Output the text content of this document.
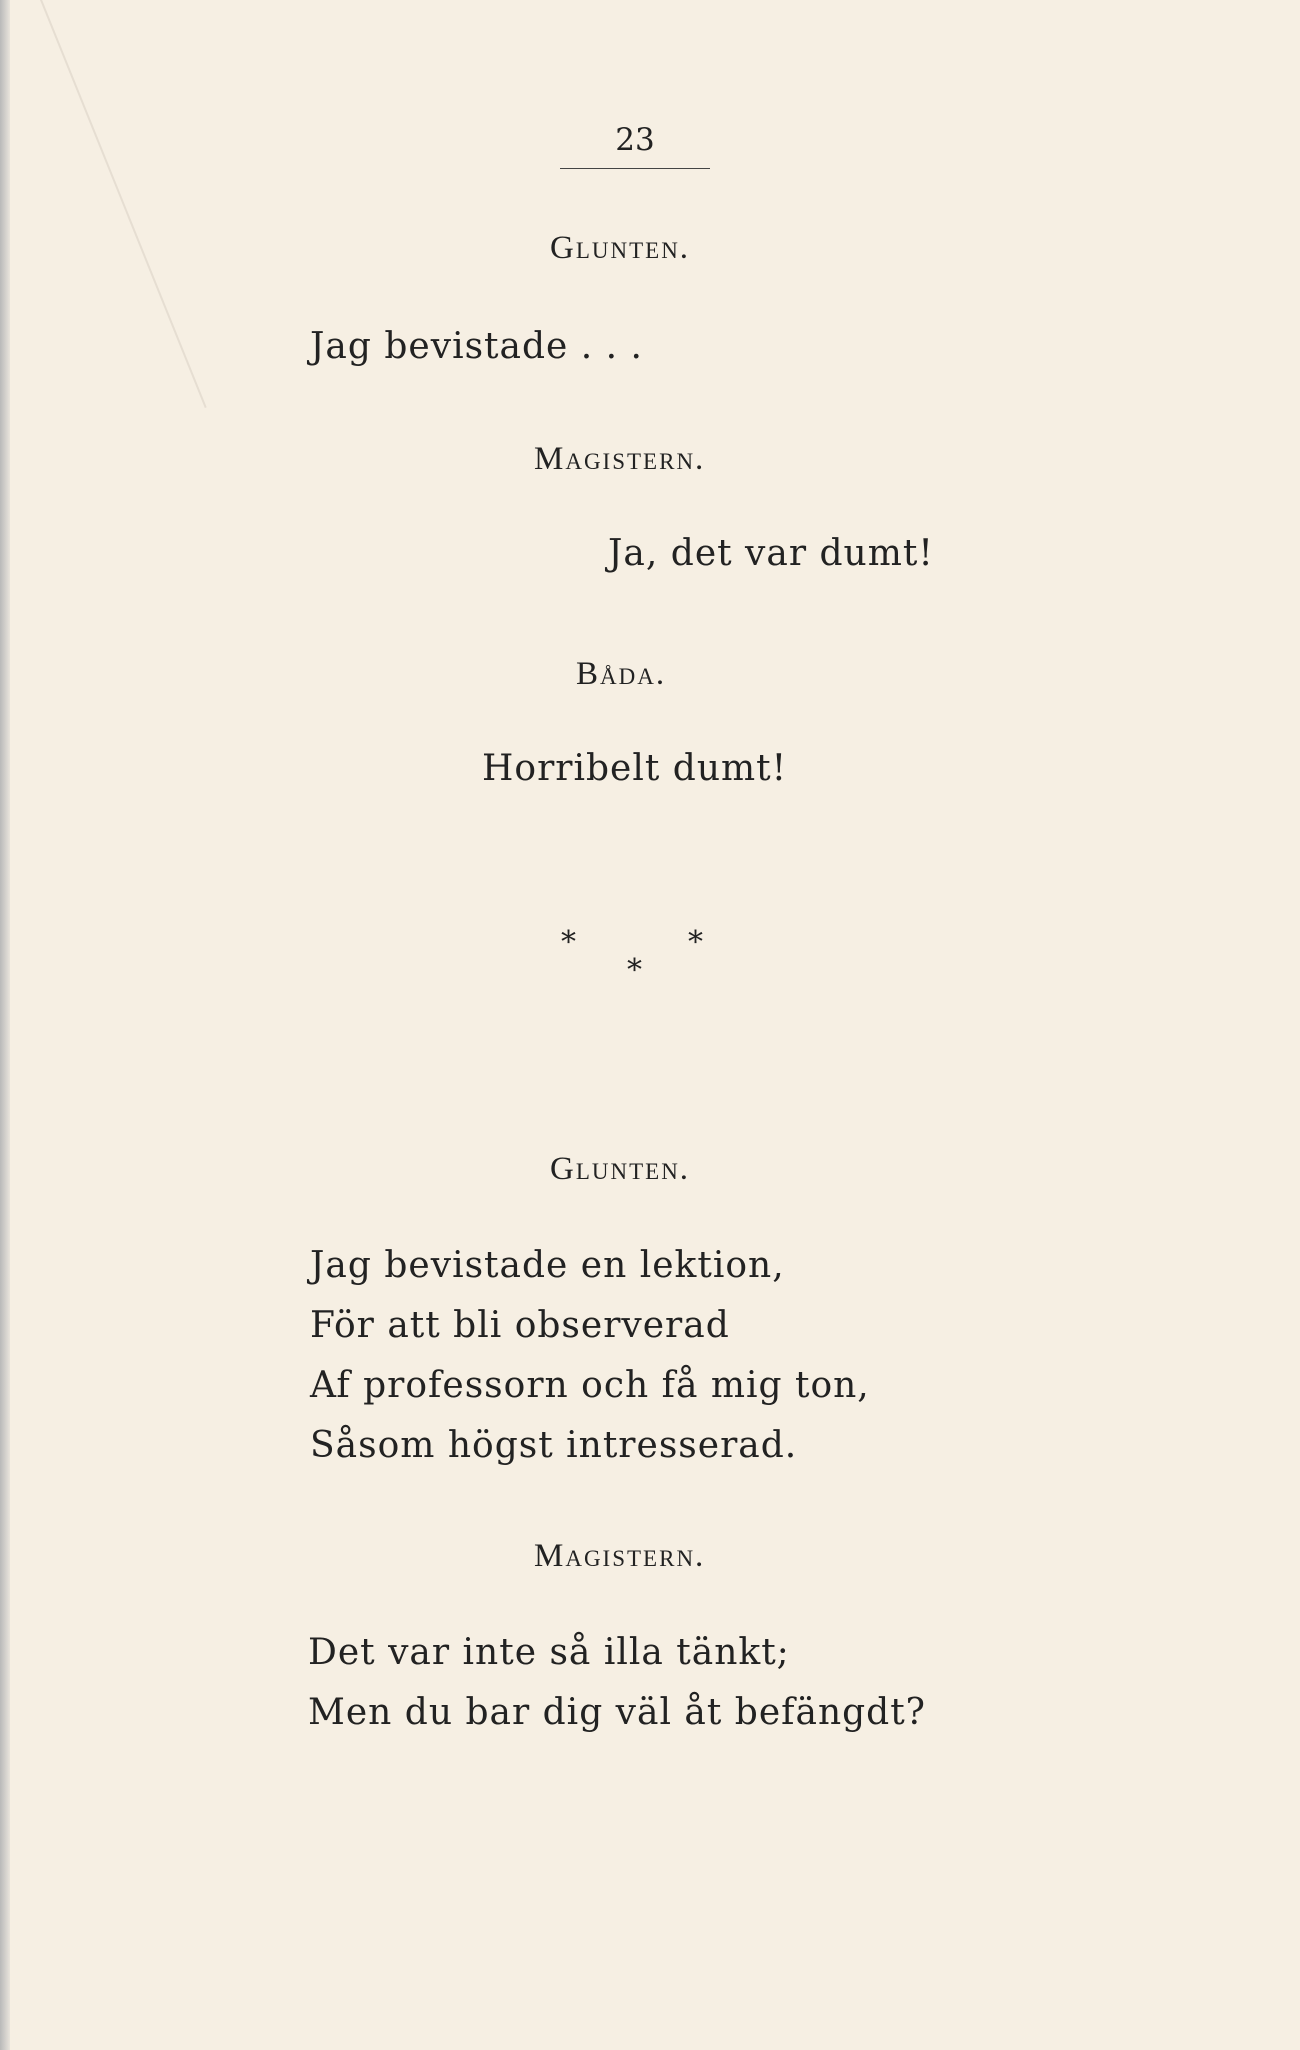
23
Glunten.
Jag bevistade . . .
Magistern.
Ja, det var dumt!
Båda.
Horribelt dumt!
*
*
*
Glunten.
Jag bevistade en lektion,
För att bli observerad
Af professorn och få mig ton,
Såsom högst intresserad.
Magistern.
Det var inte så illa tänkt;
Men du bar dig väl åt befängdt?
